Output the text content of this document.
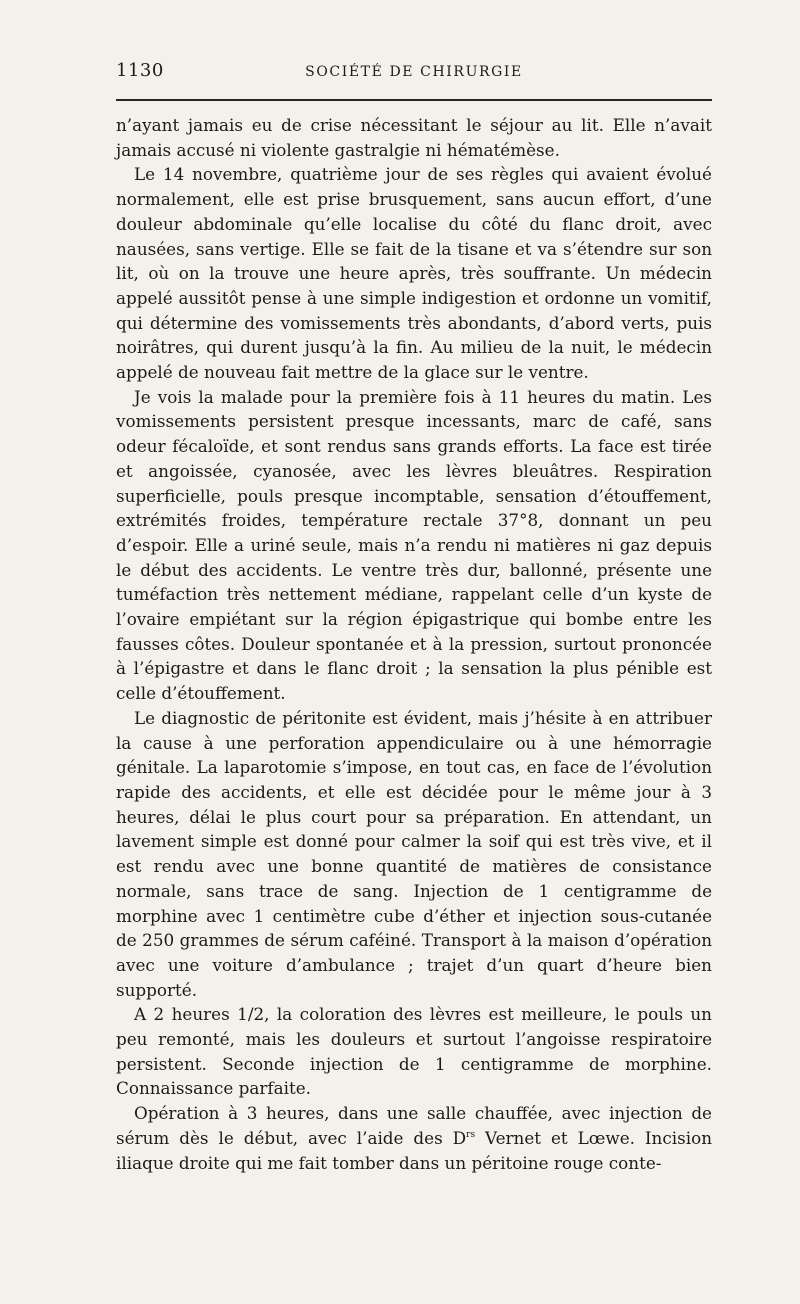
1130	SOCIÉTÉ DE CHIRURGIE

n’ayant jamais eu de crise nécessitant le séjour au lit. Elle n’avait jamais accusé ni violente gastralgie ni hématémèse.

Le 14 novembre, quatrième jour de ses règles qui avaient évolué normalement, elle est prise brusquement, sans aucun effort, d’une douleur abdominale qu’elle localise du côté du flanc droit, avec nausées, sans vertige. Elle se fait de la tisane et va s’étendre sur son lit, où on la trouve une heure après, très souffrante. Un médecin appelé aussitôt pense à une simple indigestion et ordonne un vomitif, qui détermine des vomissements très abondants, d’abord verts, puis noirâtres, qui durent jusqu’à la fin. Au milieu de la nuit, le médecin appelé de nouveau fait mettre de la glace sur le ventre.

Je vois la malade pour la première fois à 11 heures du matin. Les vomissements persistent presque incessants, marc de café, sans odeur fécaloïde, et sont rendus sans grands efforts. La face est tirée et angoissée, cyanosée, avec les lèvres bleuâtres. Respiration superficielle, pouls presque incomptable, sensation d’étouffement, extrémités froides, température rectale 37°8, donnant un peu d’espoir. Elle a uriné seule, mais n’a rendu ni matières ni gaz depuis le début des accidents. Le ventre très dur, ballonné, présente une tuméfaction très nettement médiane, rappelant celle d’un kyste de l’ovaire empiétant sur la région épigastrique qui bombe entre les fausses côtes. Douleur spontanée et à la pression, surtout prononcée à l’épigastre et dans le flanc droit ; la sensation la plus pénible est celle d’étouffement.

Le diagnostic de péritonite est évident, mais j’hésite à en attribuer la cause à une perforation appendiculaire ou à une hémorragie génitale. La laparotomie s’impose, en tout cas, en face de l’évolution rapide des accidents, et elle est décidée pour le même jour à 3 heures, délai le plus court pour sa préparation. En attendant, un lavement simple est donné pour calmer la soif qui est très vive, et il est rendu avec une bonne quantité de matières de consistance normale, sans trace de sang. Injection de 1 centigramme de morphine avec 1 centimètre cube d’éther et injection sous-cutanée de 250 grammes de sérum caféiné. Transport à la maison d’opération avec une voiture d’ambulance ; trajet d’un quart d’heure bien supporté.

A 2 heures 1/2, la coloration des lèvres est meilleure, le pouls un peu remonté, mais les douleurs et surtout l’angoisse respiratoire persistent. Seconde injection de 1 centigramme de morphine. Connaissance parfaite.

Opération à 3 heures, dans une salle chauffée, avec injection de sérum dès le début, avec l’aide des $D^{rs}$ Vernet et Lœwe. Incision iliaque droite qui me fait tomber dans un péritoine rouge conte-
